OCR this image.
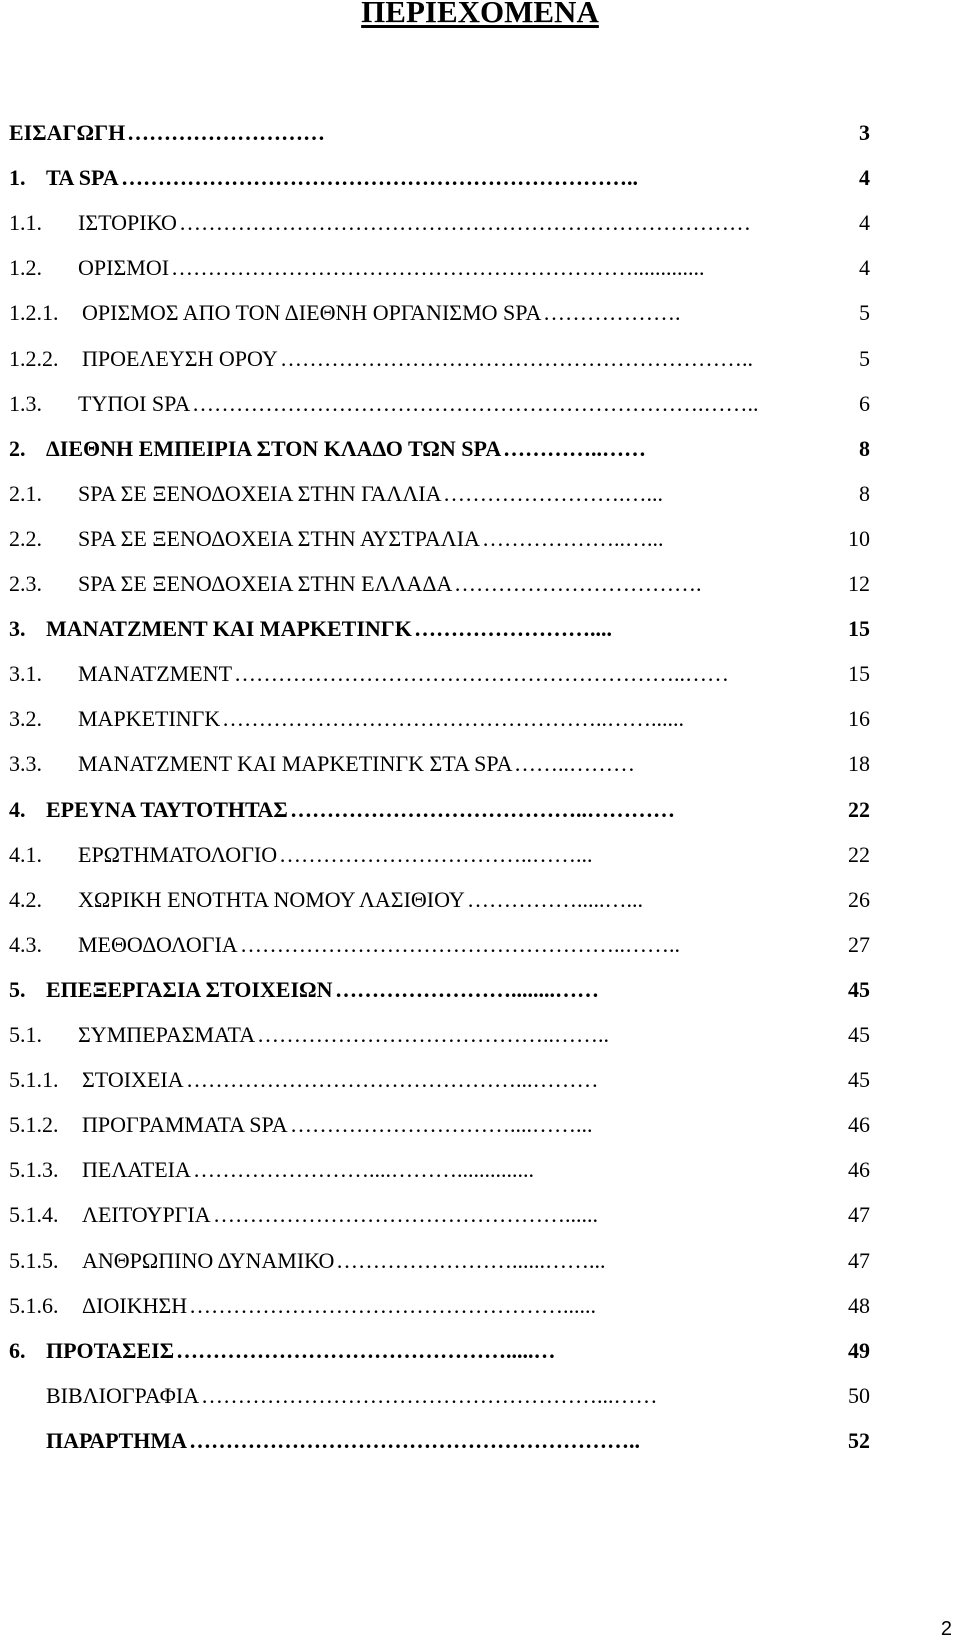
ΠΕΡΙΕΧΟΜΕΝΑ
ΕΙΣΑΓΩΓΗ ………………………	3
1. ΤΑ SPA ……………………………………………………………..	4
1.1. ΙΣΤΟΡΙΚΟ ……………………………………………………………………	4
1.2. ΟΡΙΣΜΟΙ ……………………………………………………….............	4
1.2.1. ΟΡΙΣΜΟΣ ΑΠΟ ΤΟΝ ΔΙΕΘΝΗ ΟΡΓΑΝΙΣΜΟ SPA ……………….	5
1.2.2. ΠΡΟΕΛΕΥΣΗ ΟΡΟΥ ………………………………………………………..	5
1.3. ΤΥΠΟΙ SPA …………………………………………………………….……..	6
2. ΔΙΕΘΝΗ ΕΜΠΕΙΡΙΑ ΣΤΟΝ ΚΛΑΔΟ ΤΩΝ SPA …………..……	8
2.1. SPA ΣΕ ΞΕΝΟΔΟΧΕΙΑ ΣΤΗΝ ΓΑΛΛΙΑ …………………….…...	8
2.2. SPA ΣΕ ΞΕΝΟΔΟΧΕΙΑ ΣΤΗΝ ΑΥΣΤΡΑΛΙΑ ………………..…...	10
2.3. SPA ΣΕ ΞΕΝΟΔΟΧΕΙΑ ΣΤΗΝ ΕΛΛΑΔΑ …………………………….	12
3. ΜΑΝΑΤΖΜΕΝΤ ΚΑΙ ΜΑΡΚΕΤΙΝΓΚ ……………………....	15
3.1. ΜΑΝΑΤΖΜΕΝΤ ……………………………………………………..……	15
3.2. ΜΑΡΚΕΤΙΝΓΚ ……………………………………………..……......	16
3.3. ΜΑΝΑΤΖΜΕΝΤ ΚΑΙ ΜΑΡΚΕΤΙΝΓΚ ΣΤΑ SPA ……..………	18
4. ΕΡΕΥΝΑ ΤΑΥΤΟΤΗΤΑΣ …………………………………..…………	22
4.1. ΕΡΩΤΗΜΑΤΟΛΟΓΙΟ ……………………………..……...	22
4.2. ΧΩΡΙΚΗ ΕΝΟΤΗΤΑ ΝΟΜΟΥ ΛΑΣΙΘΙΟΥ …………….....…...	26
4.3. ΜΕΘΟΔΟΛΟΓΙΑ ……………………………………………..……..	27
5. ΕΠΕΞΕΡΓΑΣΙΑ ΣΤΟΙΧΕΙΩΝ ……………………........……	45
5.1. ΣΥΜΠΕΡΑΣΜΑΤΑ …………………………………..……..	45
5.1.1. ΣΤΟΙΧΕΙΑ ………………………………………...………	45
5.1.2. ΠΡΟΓΡΑΜΜΑΤΑ SPA …………………………....……...	46
5.1.3. ΠΕΛΑΤΕΙΑ ……………………....………..............	46
5.1.4. ΛΕΙΤΟΥΡΓΙΑ …………………………………………......	47
5.1.5. ΑΝΘΡΩΠΙΝΟ ΔΥΝΑΜΙΚΟ ……………………......……...	47
5.1.6. ΔΙΟΙΚΗΣΗ ……………………………………………......	48
6. ΠΡΟΤΑΣΕΙΣ ……………………………………….....…	49
ΒΙΒΛΙΟΓΡΑΦΙΑ ………………………………………………...……	50
ΠΑΡΑΡΤΗΜΑ ……………………………………………………..	52
2
